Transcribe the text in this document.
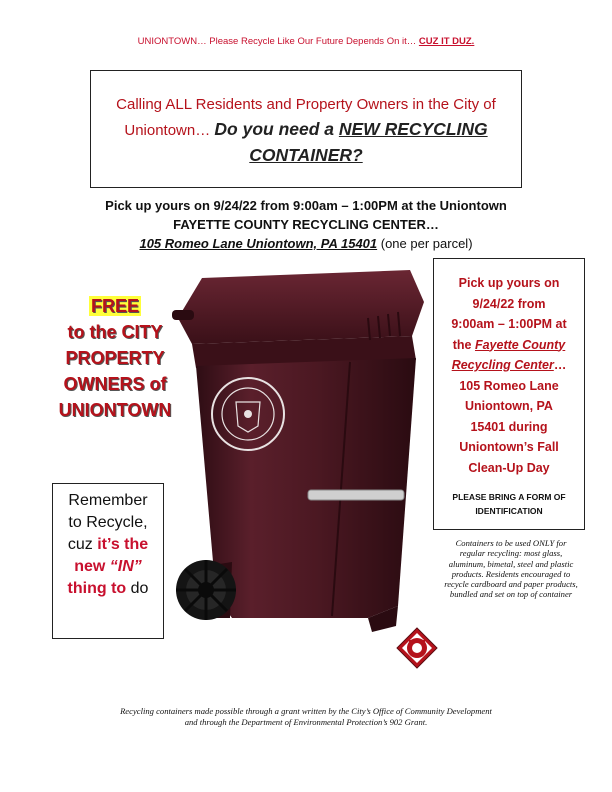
UNIONTOWN… Please Recycle Like Our Future Depends On it… CUZ IT DUZ.
Calling ALL Residents and Property Owners in the City of
Uniontown… Do you need a NEW RECYCLING
CONTAINER?
Pick up yours on 9/24/22 from 9:00am – 1:00PM at the Uniontown
FAYETTE COUNTY RECYCLING CENTER…
105 Romeo Lane Uniontown, PA 15401 (one per parcel)
FREE
to the CITY
PROPERTY
OWNERS of
UNIONTOWN
Remember
to Recycle,
cuz it’s the
new “IN”
thing to do
Pick up yours on
9/24/22 from
9:00am – 1:00PM at
the Fayette County
Recycling Center…
105 Romeo Lane
Uniontown, PA
15401 during
Uniontown’s Fall
Clean-Up Day
PLEASE BRING A FORM OF
IDENTIFICATION
Containers to be used ONLY for
regular recycling: most glass,
aluminum, bimetal, steel and plastic
products. Residents encouraged to
recycle cardboard and paper products,
bundled and set on top of container
Recycling containers made possible through a grant written by the City’s Office of Community Development
and through the Department of Environmental Protection’s 902 Grant.
